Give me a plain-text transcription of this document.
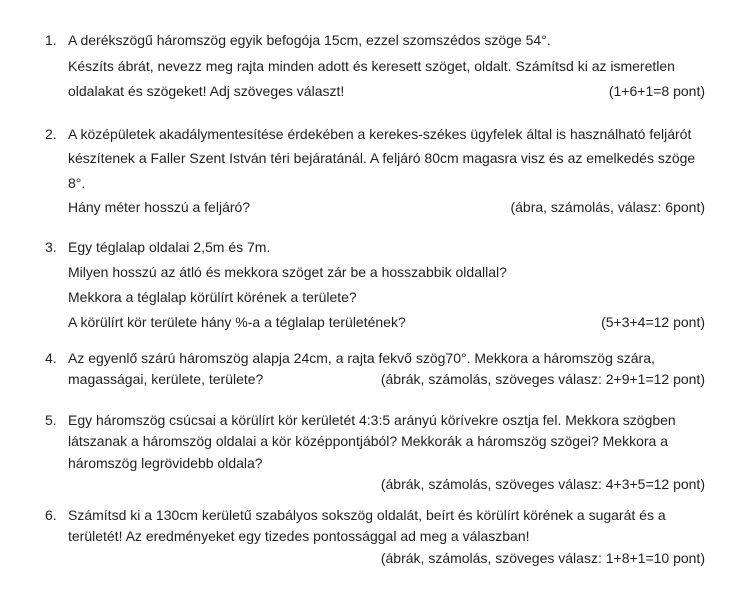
1. A derékszögű háromszög egyik befogója 15cm, ezzel szomszédos szöge 54°.
Készíts ábrát, nevezz meg rajta minden adott és keresett szöget, oldalt. Számítsd ki az ismeretlen
oldalakat és szögeket! Adj szöveges választ!	(1+6+1=8 pont)
2. A középületek akadálymentesítése érdekében a kerekes-székes ügyfelek által is használható feljárót
készítenek a Faller Szent István téri bejáratánál. A feljáró 80cm magasra visz és az emelkedés szöge
8°.
Hány méter hosszú a feljáró?	(ábra, számolás, válasz: 6pont)
3. Egy téglalap oldalai 2,5m és 7m.
Milyen hosszú az átló és mekkora szöget zár be a hosszabbik oldallal?
Mekkora a téglalap körülírt körének a területe?
A körülírt kör területe hány %-a a téglalap területének?	(5+3+4=12 pont)
4. Az egyenlő szárú háromszög alapja 24cm, a rajta fekvő szög70°. Mekkora a háromszög szára,
magasságai, kerülete, területe?	(ábrák, számolás, szöveges válasz: 2+9+1=12 pont)
5. Egy háromszög csúcsai a körülírt kör kerületét 4:3:5 arányú körívekre osztja fel. Mekkora szögben
látszanak a háromszög oldalai a kör középpontjából? Mekkorák a háromszög szögei? Mekkora a
háromszög legrövidebb oldala?
(ábrák, számolás, szöveges válasz: 4+3+5=12 pont)
6. Számítsd ki a 130cm kerületű szabályos sokszög oldalát, beírt és körülírt körének a sugarát és a
területét! Az eredményeket egy tizedes pontossággal ad meg a válaszban!
(ábrák, számolás, szöveges válasz: 1+8+1=10 pont)
